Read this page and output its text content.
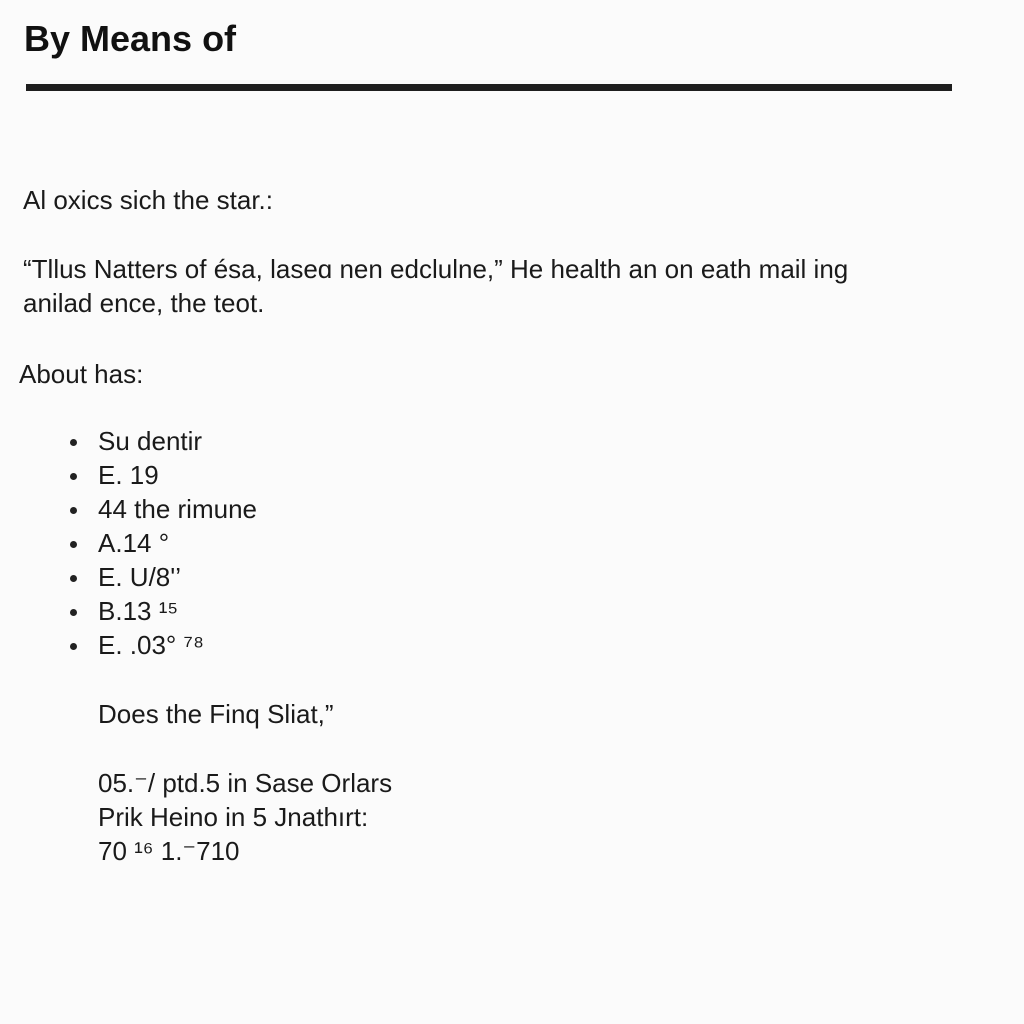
By Means of
Al oxics sich the star.:
“Tllus Natters of ésa, laseɑ nen edclulne,” He health an on eath mail ing
anilad ence, the teot.
About has:
Su dentir
E. 19
44 the rimune
A.14 °
E. U/8'’
B.13 ¹⁵
E. .03° ⁷⁸
Does the Finq Sliat,”
05.⁻/ ptd.5 in Sase Orlars
Prik Heino in 5 Jnathırt:
70 ¹⁶ 1.⁻710
